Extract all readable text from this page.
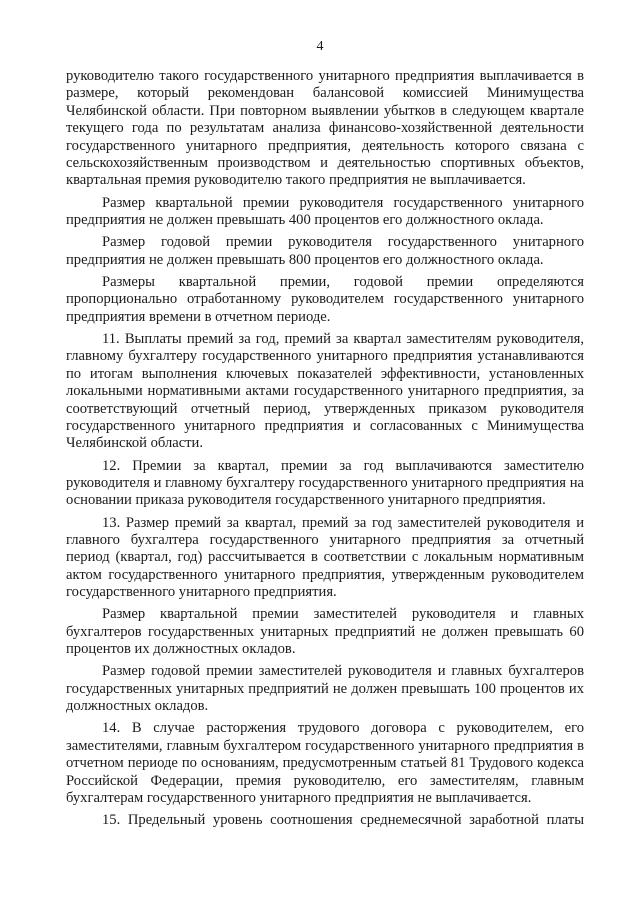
4

руководителю такого государственного унитарного предприятия выплачивается в размере, который рекомендован балансовой комиссией Минимущества Челябинской области. При повторном выявлении убытков в следующем квартале текущего года по результатам анализа финансово-хозяйственной деятельности государственного унитарного предприятия, деятельность которого связана с сельскохозяйственным производством и деятельностью спортивных объектов, квартальная премия руководителю такого предприятия не выплачивается.

Размер квартальной премии руководителя государственного унитарного предприятия не должен превышать 400 процентов его должностного оклада.

Размер годовой премии руководителя государственного унитарного предприятия не должен превышать 800 процентов его должностного оклада.

Размеры квартальной премии, годовой премии определяются пропорционально отработанному руководителем государственного унитарного предприятия времени в отчетном периоде.

11. Выплаты премий за год, премий за квартал заместителям руководителя, главному бухгалтеру государственного унитарного предприятия устанавливаются по итогам выполнения ключевых показателей эффективности, установленных локальными нормативными актами государственного унитарного предприятия, за соответствующий отчетный период, утвержденных приказом руководителя государственного унитарного предприятия и согласованных с Минимущества Челябинской области.

12. Премии за квартал, премии за год выплачиваются заместителю руководителя и главному бухгалтеру государственного унитарного предприятия на основании приказа руководителя государственного унитарного предприятия.

13. Размер премий за квартал, премий за год заместителей руководителя и главного бухгалтера государственного унитарного предприятия за отчетный период (квартал, год) рассчитывается в соответствии с локальным нормативным актом государственного унитарного предприятия, утвержденным руководителем государственного унитарного предприятия.

Размер квартальной премии заместителей руководителя и главных бухгалтеров государственных унитарных предприятий не должен превышать 60 процентов их должностных окладов.

Размер годовой премии заместителей руководителя и главных бухгалтеров государственных унитарных предприятий не должен превышать 100 процентов их должностных окладов.

14. В случае расторжения трудового договора с руководителем, его заместителями, главным бухгалтером государственного унитарного предприятия в отчетном периоде по основаниям, предусмотренным статьей 81 Трудового кодекса Российской Федерации, премия руководителю, его заместителям, главным бухгалтерам государственного унитарного предприятия не выплачивается.

15. Предельный уровень соотношения среднемесячной заработной платы
